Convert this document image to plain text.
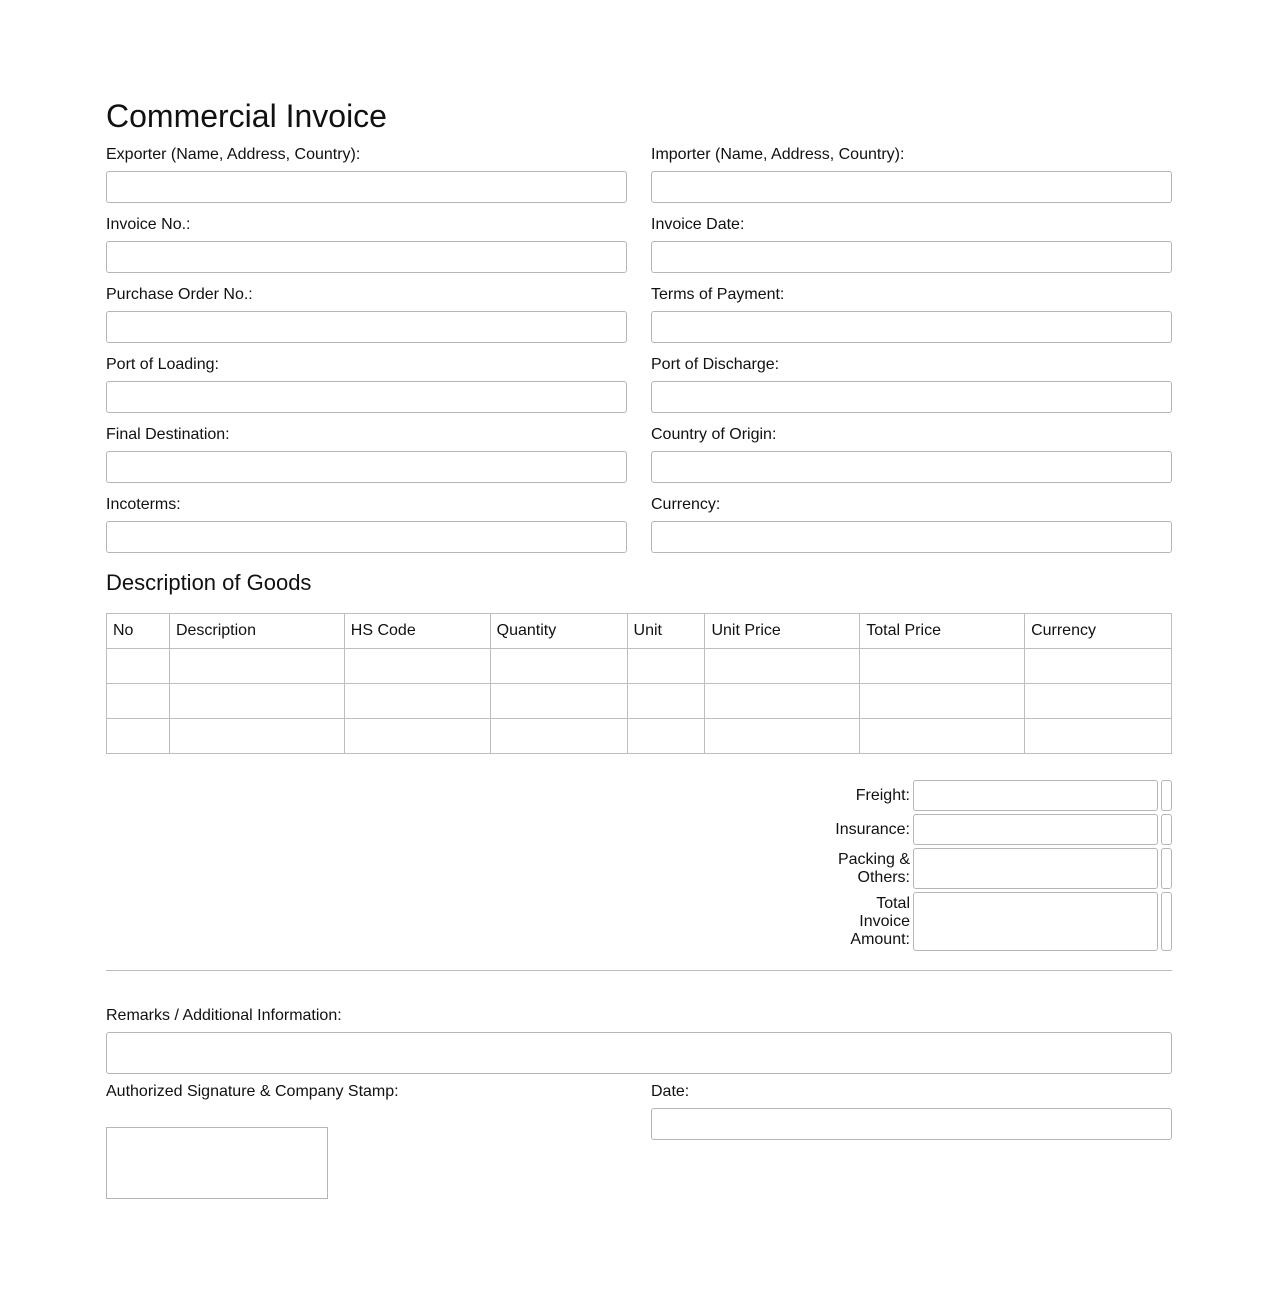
Commercial Invoice
Exporter (Name, Address, Country):	Importer (Name, Address, Country):
Invoice No.:	Invoice Date:
Purchase Order No.:	Terms of Payment:
Port of Loading:	Port of Discharge:
Final Destination:	Country of Origin:
Incoterms:	Currency:
Description of Goods
No	Description	HS Code	Quantity	Unit	Unit Price	Total Price	Currency

Freight:
Insurance:
Packing & Others:
Total Invoice Amount:
Remarks / Additional Information:
Authorized Signature & Company Stamp:	Date:
